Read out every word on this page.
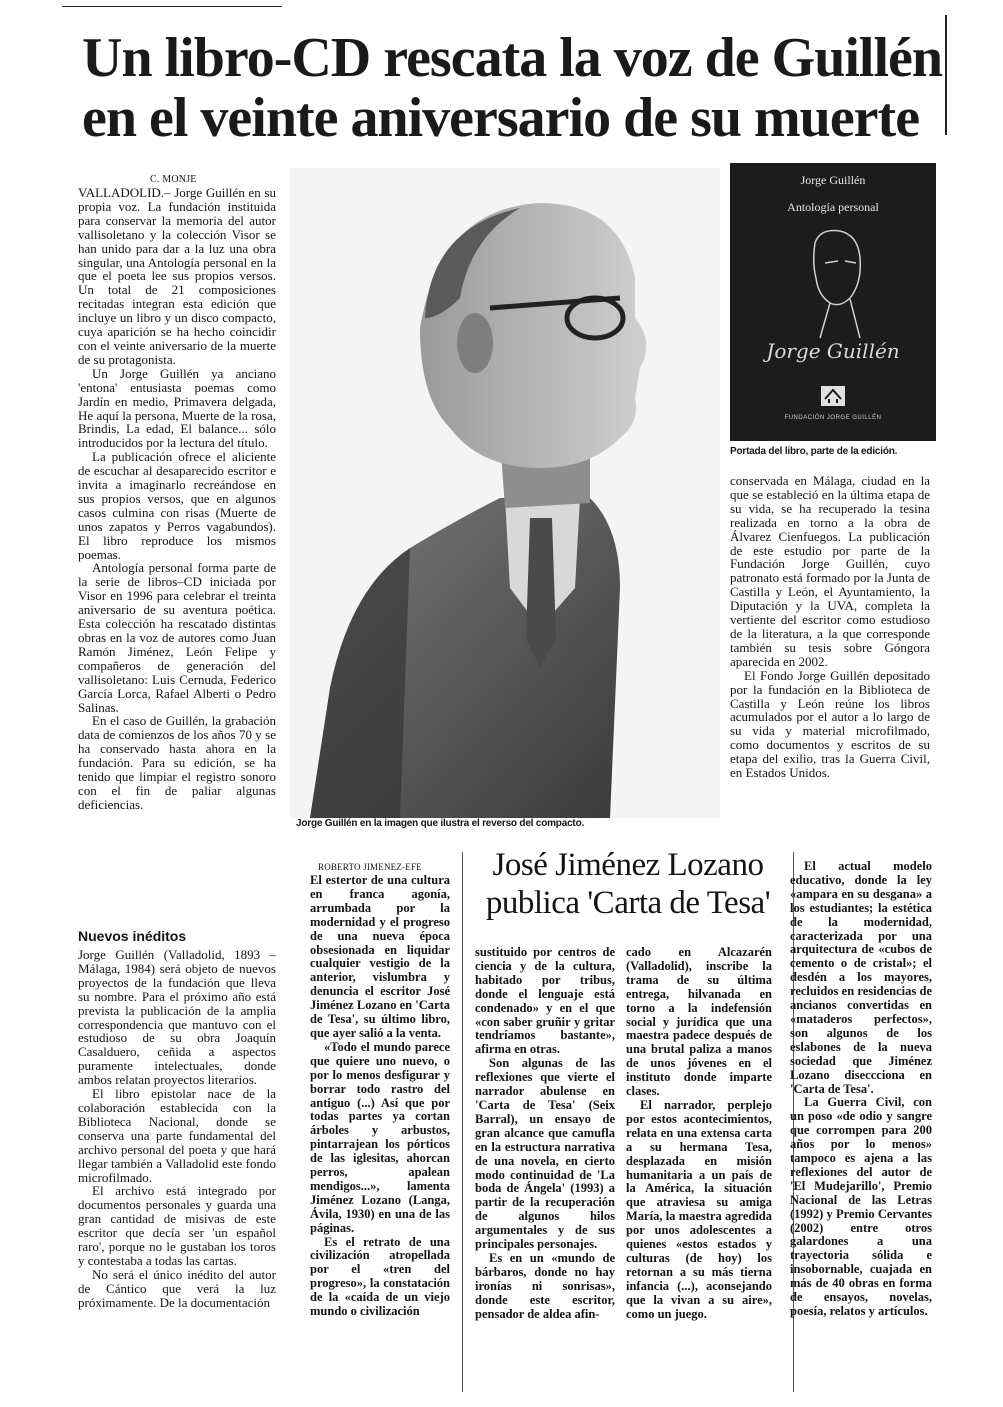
Un libro-CD rescata la voz de Guillén
en el veinte aniversario de su muerte
C. MONJE

VALLADOLID.– Jorge Guillén en su propia voz. La fundación instituida para conservar la memoria del autor vallisoletano y la colección Visor se han unido para dar a la luz una obra singular, una Antología personal en la que el poeta lee sus propios versos. Un total de 21 composiciones recitadas integran esta edición que incluye un libro y un disco compacto, cuya aparición se ha hecho coincidir con el veinte aniversario de la muerte de su protagonista.

Un Jorge Guillén ya anciano 'entona' entusiasta poemas como Jardín en medio, Primavera delgada, He aquí la persona, Muerte de la rosa, Brindis, La edad, El balance... sólo introducidos por la lectura del título.

La publicación ofrece el aliciente de escuchar al desaparecido escritor e invita a imaginarlo recreándose en sus propios versos, que en algunos casos culmina con risas (Muerte de unos zapatos y Perros vagabundos). El libro reproduce los mismos poemas.

Antología personal forma parte de la serie de libros–CD iniciada por Visor en 1996 para celebrar el treinta aniversario de su aventura poética. Esta colección ha rescatado distintas obras en la voz de autores como Juan Ramón Jiménez, León Felipe y compañeros de generación del vallisoletano: Luis Cernuda, Federico García Lorca, Rafael Alberti o Pedro Salinas.

En el caso de Guillén, la grabación data de comienzos de los años 70 y se ha conservado hasta ahora en la fundación. Para su edición, se ha tenido que limpiar el registro sonoro con el fin de paliar algunas deficiencias.

Nuevos inéditos

Jorge Guillén (Valladolid, 1893 –Málaga, 1984) será objeto de nuevos proyectos de la fundación que lleva su nombre. Para el próximo año está prevista la publicación de la amplia correspondencia que mantuvo con el estudioso de su obra Joaquín Casalduero, ceñida a aspectos puramente intelectuales, donde ambos relatan proyectos literarios.

El libro epistolar nace de la colaboración establecida con la Biblioteca Nacional, donde se conserva una parte fundamental del archivo personal del poeta y que hará llegar también a Valladolid este fondo microfilmado.

El archivo está integrado por documentos personales y guarda una gran cantidad de misivas de este escritor que decía ser 'un español raro', porque no le gustaban los toros y contestaba a todas las cartas.

No será el único inédito del autor de Cántico que verá la luz próximamente. De la documentación

Jorge Guillén en la imagen que ilustra el reverso del compacto.
Jorge Guillén
Antología personal
Jorge Guillén
FUNDACIÓN JORGE GUILLÉN
Portada del libro, parte de la edición.

conservada en Málaga, ciudad en la que se estableció en la última etapa de su vida, se ha recuperado la tesina realizada en torno a la obra de Álvarez Cienfuegos. La publicación de este estudio por parte de la Fundación Jorge Guillén, cuyo patronato está formado por la Junta de Castilla y León, el Ayuntamiento, la Diputación y la UVA, completa la vertiente del escritor como estudioso de la literatura, a la que corresponde también su tesis sobre Góngora aparecida en 2002.

El Fondo Jorge Guillén depositado por la fundación en la Biblioteca de Castilla y León reúne los libros acumulados por el autor a lo largo de su vida y material microfilmado, como documentos y escritos de su etapa del exilio, tras la Guerra Civil, en Estados Unidos.

ROBERTO JIMENEZ-EFE	José Jiménez Lozano
publica 'Carta de Tesa'

El estertor de una cultura en franca agonía, arrumbada por la modernidad y el progreso de una nueva época obsesionada en liquidar cualquier vestigio de la anterior, vislumbra y denuncia el escritor José Jiménez Lozano en 'Carta de Tesa', su último libro, que ayer salió a la venta.

«Todo el mundo parece que quiere uno nuevo, o por lo menos desfigurar y borrar todo rastro del antiguo (...) Así que por todas partes ya cortan árboles y arbustos, pintarrajean los pórticos de las iglesitas, ahorcan perros, apalean mendigos...», lamenta Jiménez Lozano (Langa, Ávila, 1930) en una de las páginas.

Es el retrato de una civilización atropellada por el «tren del progreso», la constatación de la «caída de un viejo mundo o civilización

sustituido por centros de ciencia y de la cultura, habitado por tribus, donde el lenguaje está condenado» y en el que «con saber gruñir y gritar tendríamos bastante», afirma en otras.

Son algunas de las reflexiones que vierte el narrador abulense en 'Carta de Tesa' (Seix Barral), un ensayo de gran alcance que camufla en la estructura narrativa de una novela, en cierto modo continuidad de 'La boda de Ángela' (1993) a partir de la recuperación de algunos hilos argumentales y de sus principales personajes.

Es en un «mundo de bárbaros, donde no hay ironías ni sonrisas», donde este escritor, pensador de aldea afin-

cado en Alcazarén (Valladolid), inscribe la trama de su última entrega, hilvanada en torno a la indefensión social y jurídica que una maestra padece después de una brutal paliza a manos de unos jóvenes en el instituto donde imparte clases.

El narrador, perplejo por estos acontecimientos, relata en una extensa carta a su hermana Tesa, desplazada en misión humanitaria a un país de la América, la situación que atraviesa su amiga María, la maestra agredida por unos adolescentes a quienes «estos estados y culturas (de hoy) los retornan a su más tierna infancia (...), aconsejando que la vivan a su aire», como un juego.

El actual modelo educativo, donde la ley «ampara en su desgana» a los estudiantes; la estética de la modernidad, caracterizada por una arquitectura de «cubos de cemento o de cristal»; el desdén a los mayores, recluidos en residencias de ancianos convertidas en «mataderos perfectos», son algunos de los eslabones de la nueva sociedad que Jiménez Lozano diseccciona en 'Carta de Tesa'.

La Guerra Civil, con un poso «de odio y sangre que corrompen para 200 años por lo menos» tampoco es ajena a las reflexiones del autor de 'El Mudejarillo', Premio Nacional de las Letras (1992) y Premio Cervantes (2002) entre otros galardones a una trayectoria sólida e insobornable, cuajada en más de 40 obras en forma de ensayos, novelas, poesía, relatos y artículos.
